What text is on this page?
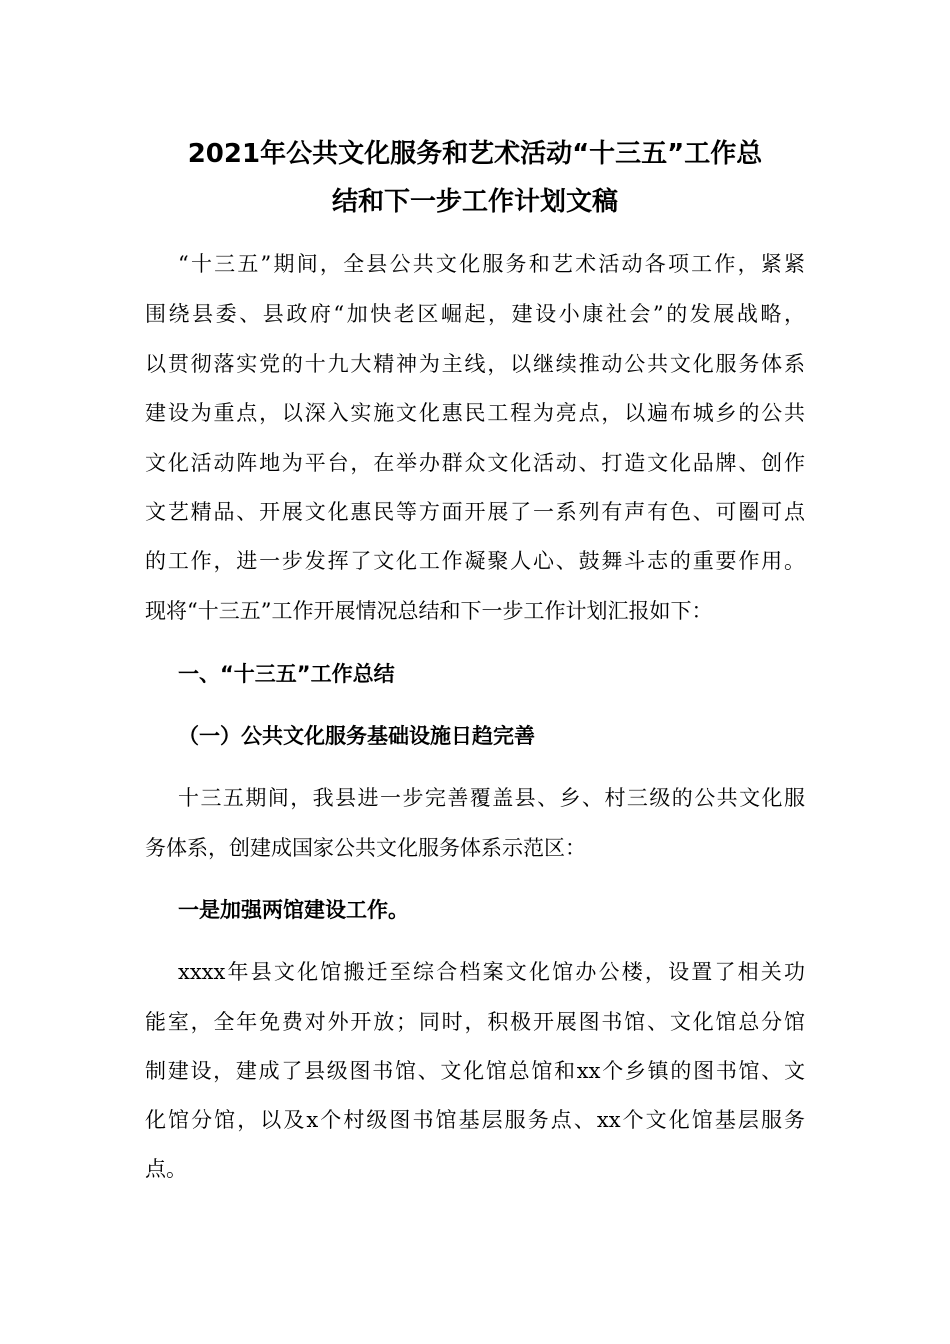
2021年公共文化服务和艺术活动“十三五”工作总
结和下一步工作计划文稿
“十三五”期间，全县公共文化服务和艺术活动各项工作，紧紧
围绕县委、县政府“加快老区崛起，建设小康社会”的发展战略，
以贯彻落实党的十九大精神为主线，以继续推动公共文化服务体系
建设为重点，以深入实施文化惠民工程为亮点，以遍布城乡的公共
文化活动阵地为平台，在举办群众文化活动、打造文化品牌、创作
文艺精品、开展文化惠民等方面开展了一系列有声有色、可圈可点
的工作，进一步发挥了文化工作凝聚人心、鼓舞斗志的重要作用。
现将“十三五”工作开展情况总结和下一步工作计划汇报如下：
一、“十三五”工作总结
（一）公共文化服务基础设施日趋完善
十三五期间，我县进一步完善覆盖县、乡、村三级的公共文化服
务体系，创建成国家公共文化服务体系示范区：
一是加强两馆建设工作。
xxxx年县文化馆搬迁至综合档案文化馆办公楼，设置了相关功
能室，全年免费对外开放；同时，积极开展图书馆、文化馆总分馆
制建设，建成了县级图书馆、文化馆总馆和xx个乡镇的图书馆、文
化馆分馆，以及x个村级图书馆基层服务点、xx个文化馆基层服务
点。
